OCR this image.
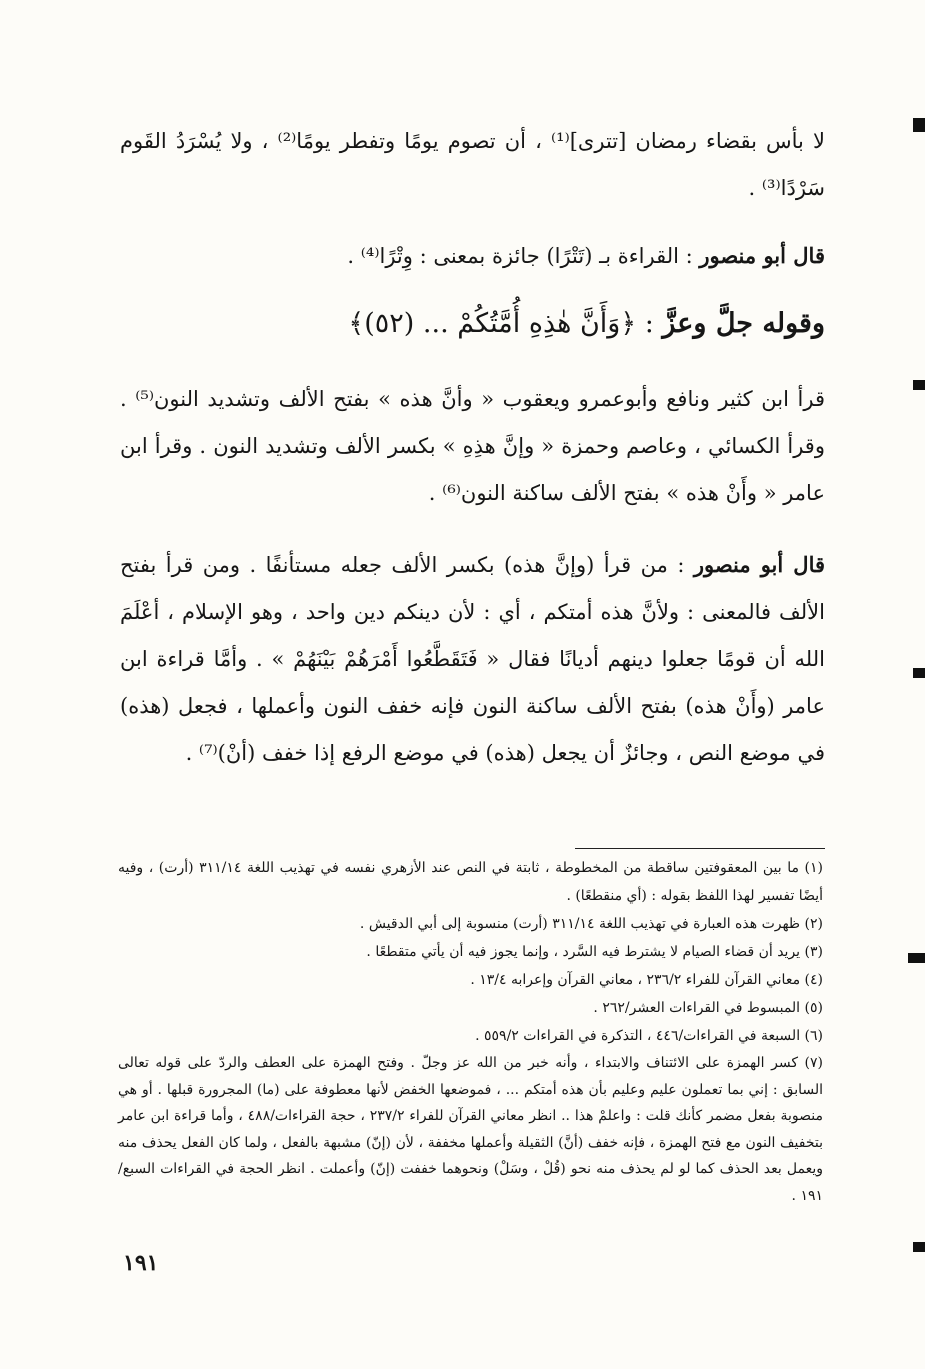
لا بأس بقضاء رمضان [تترى]⁽¹⁾ ، أن تصوم يومًا وتفطر يومًا⁽²⁾ ، ولا يُسْرَدُ القَوم سَرْدًا⁽³⁾ .

قال أبو منصور : القراءة بـ (تَتْرًا) جائزة بمعنى : وِتْرًا⁽⁴⁾ .

وقوله جلَّ وعزَّ : ﴿وَأَنَّ هٰذِهِ أُمَّتُكُمْ ... (٥٢)﴾

قرأ ابن كثير ونافع وأبوعمرو ويعقوب « وأنَّ هذه » بفتح الألف وتشديد النون⁽⁵⁾ . وقرأ الكسائي ، وعاصم وحمزة « وإنَّ هذِهِ » بكسر الألف وتشديد النون . وقرأ ابن عامر « وأَنْ هذه » بفتح الألف ساكنة النون⁽⁶⁾ .

قال أبو منصور : من قرأ (وإنَّ هذه) بكسر الألف جعله مستأنفًا . ومن قرأ بفتح الألف فالمعنى : ولأنَّ هذه أمتكم ، أي : لأن دينكم دين واحد ، وهو الإسلام ، أعْلَمَ الله أن قومًا جعلوا دينهم أديانًا فقال « فَتَقَطَّعُوا أَمْرَهُمْ بَيْنَهُمْ » . وأمَّا قراءة ابن عامر (وأَنْ هذه) بفتح الألف ساكنة النون فإنه خفف النون وأعملها ، فجعل (هذه) في موضع النص ، وجائزٌ أن يجعل (هذه) في موضع الرفع إذا خفف (أنْ)⁽⁷⁾ .

(١) ما بين المعقوفتين ساقطة من المخطوطة ، ثابتة في النص عند الأزهري نفسه في تهذيب اللغة ٣١١/١٤ (أرت) ، وفيه أيضًا تفسير لهذا اللفظ بقوله : (أي منقطعًا) .

(٢) ظهرت هذه العبارة في تهذيب اللغة ٣١١/١٤ (أرت) منسوبة إلى أبي الدقيش .

(٣) يريد أن قضاء الصيام لا يشترط فيه السَّرد ، وإنما يجوز فيه أن يأتي متقطعًا .

(٤) معاني القرآن للفراء ٢٣٦/٢ ، معاني القرآن وإعرابه ١٣/٤ .

(٥) المبسوط في القراءات العشر/٢٦٢ .

(٦) السبعة في القراءات/٤٤٦ ، التذكرة في القراءات ٥٥٩/٢ .

(٧) كسر الهمزة على الائتناف والابتداء ، وأنه خبر من الله عز وجلّ . وفتح الهمزة على العطف والردّ على قوله تعالى السابق : إني بما تعملون عليم وعليم بأن هذه أمتكم ... ، فموضعها الخفض لأنها معطوفة على (ما) المجرورة قبلها . أو هي منصوبة بفعل مضمر كأنك قلت : واعلمْ هذا .. انظر معاني القرآن للفراء ٢٣٧/٢ ، حجة القراءات/٤٨٨ ، وأما قراءة ابن عامر بتخفيف النون مع فتح الهمزة ، فإنه خفف (أنَّ) الثقيلة وأعملها مخففة ، لأن (إنّ) مشبهة بالفعل ، ولما كان الفعل يحذف منه ويعمل بعد الحذف كما لو لم يحذف منه نحو (قُلْ ، وسَلْ) ونحوهما خففت (إنّ) وأعملت . انظر الحجة في القراءات السبع/١٩١ .

١٩١
